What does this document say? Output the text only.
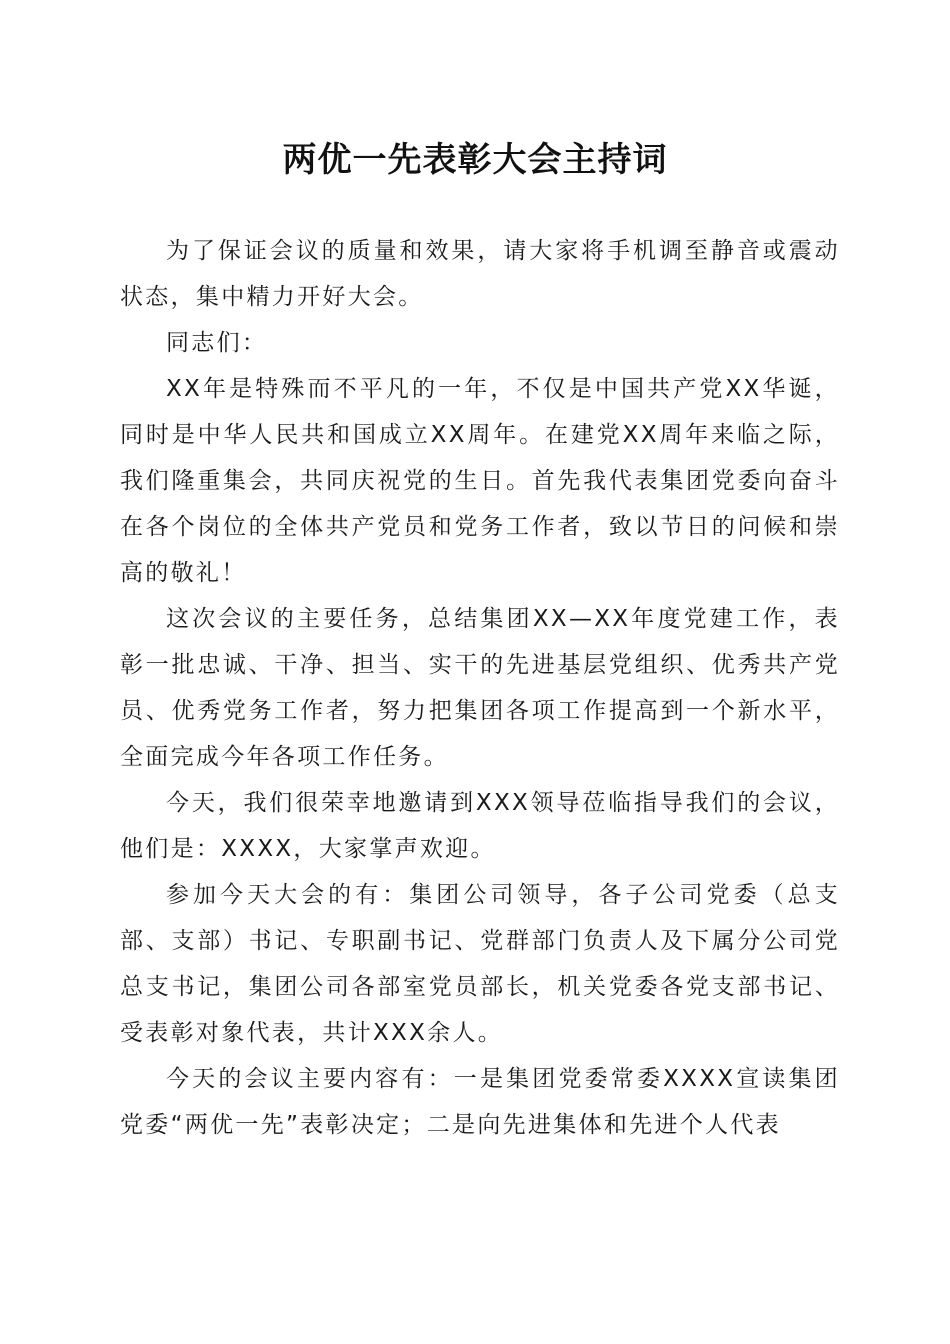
两优一先表彰大会主持词

为了保证会议的质量和效果，请大家将手机调至静音或震动状态，集中精力开好大会。

同志们：

XX年是特殊而不平凡的一年，不仅是中国共产党XX华诞，同时是中华人民共和国成立XX周年。在建党XX周年来临之际，我们隆重集会，共同庆祝党的生日。首先我代表集团党委向奋斗在各个岗位的全体共产党员和党务工作者，致以节日的问候和崇高的敬礼！

这次会议的主要任务，总结集团XX—XX年度党建工作，表彰一批忠诚、干净、担当、实干的先进基层党组织、优秀共产党员、优秀党务工作者，努力把集团各项工作提高到一个新水平，全面完成今年各项工作任务。

今天，我们很荣幸地邀请到XXX领导莅临指导我们的会议，他们是：XXXX，大家掌声欢迎。

参加今天大会的有：集团公司领导，各子公司党委（总支部、支部）书记、专职副书记、党群部门负责人及下属分公司党总支书记，集团公司各部室党员部长，机关党委各党支部书记、受表彰对象代表，共计XXX余人。

今天的会议主要内容有：一是集团党委常委XXXX宣读集团党委“两优一先”表彰决定；二是向先进集体和先进个人代表
